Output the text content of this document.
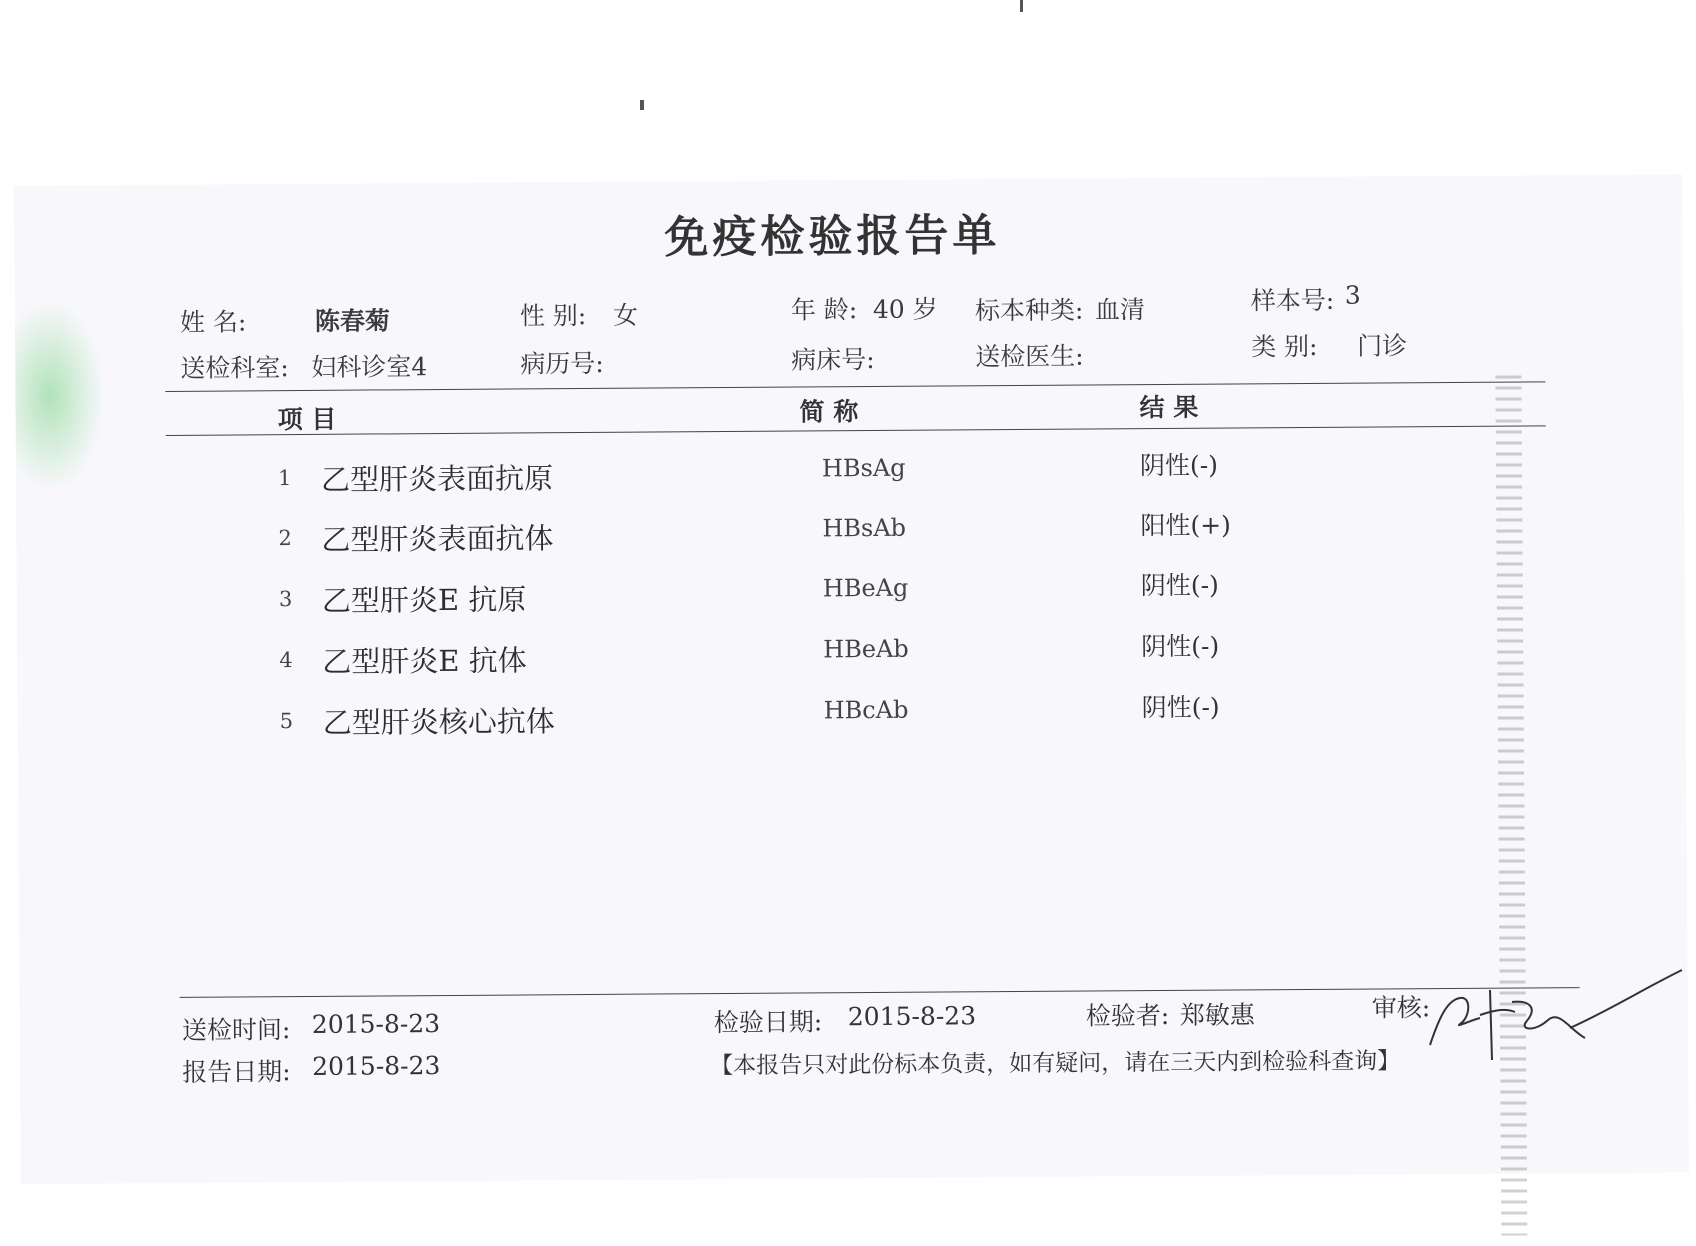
免疫检验报告单
姓 名:	陈春菊	性 别: 女	年 龄: 40 岁 标本种类: 血清	样本号: 3
送检科室: 妇科诊室4	病历号:	病床号:	送检医生:	类 别: 门诊
项 目	简 称	结 果
1 乙型肝炎表面抗原	HBsAg	阴性(-)
2 乙型肝炎表面抗体	HBsAb	阳性(+)
3 乙型肝炎E 抗原	HBeAg	阴性(-)
4 乙型肝炎E 抗体	HBeAb	阴性(-)
5 乙型肝炎核心抗体	HBcAb	阴性(-)
送检时间: 2015-8-23
报告日期: 2015-8-23
检验日期: 2015-8-23	检验者: 郑敏惠	审核:
【本报告只对此份标本负责，如有疑问，请在三天内到检验科查询】
